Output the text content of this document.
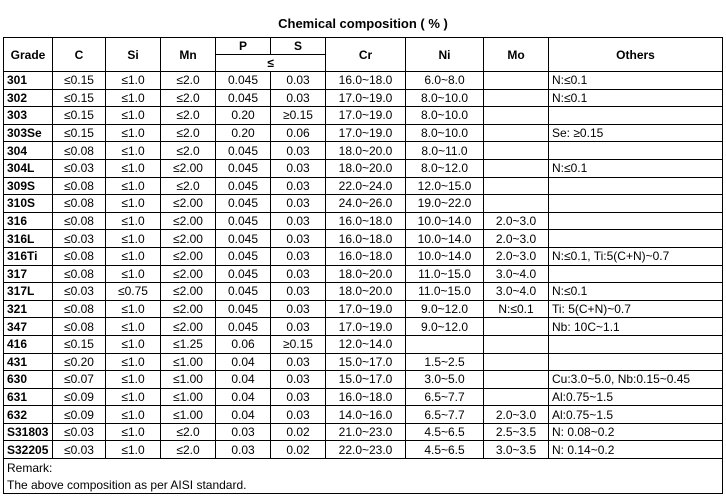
Chemical composition ( % )
Grade	C	Si	Mn	P	S	Cr	Ni	Mo	Others
				≤					
301	≤0.15	≤1.0	≤2.0	0.045	0.03	16.0~18.0	6.0~8.0		N:≤0.1
302	≤0.15	≤1.0	≤2.0	0.045	0.03	17.0~19.0	8.0~10.0		N:≤0.1
303	≤0.15	≤1.0	≤2.0	0.20	≥0.15	17.0~19.0	8.0~10.0		
303Se	≤0.15	≤1.0	≤2.0	0.20	0.06	17.0~19.0	8.0~10.0		Se: ≥0.15
304	≤0.08	≤1.0	≤2.0	0.045	0.03	18.0~20.0	8.0~11.0		
304L	≤0.03	≤1.0	≤2.00	0.045	0.03	18.0~20.0	8.0~12.0		N:≤0.1
309S	≤0.08	≤1.0	≤2.0	0.045	0.03	22.0~24.0	12.0~15.0		
310S	≤0.08	≤1.0	≤2.00	0.045	0.03	24.0~26.0	19.0~22.0		
316	≤0.08	≤1.0	≤2.00	0.045	0.03	16.0~18.0	10.0~14.0	2.0~3.0	
316L	≤0.03	≤1.0	≤2.00	0.045	0.03	16.0~18.0	10.0~14.0	2.0~3.0	
316Ti	≤0.08	≤1.0	≤2.00	0.045	0.03	16.0~18.0	10.0~14.0	2.0~3.0	N:≤0.1, Ti:5(C+N)~0.7
317	≤0.08	≤1.0	≤2.00	0.045	0.03	18.0~20.0	11.0~15.0	3.0~4.0	
317L	≤0.03	≤0.75	≤2.00	0.045	0.03	18.0~20.0	11.0~15.0	3.0~4.0	N:≤0.1
321	≤0.08	≤1.0	≤2.00	0.045	0.03	17.0~19.0	9.0~12.0	N:≤0.1	Ti: 5(C+N)~0.7
347	≤0.08	≤1.0	≤2.00	0.045	0.03	17.0~19.0	9.0~12.0		Nb: 10C~1.1
416	≤0.15	≤1.0	≤1.25	0.06	≥0.15	12.0~14.0			
431	≤0.20	≤1.0	≤1.00	0.04	0.03	15.0~17.0	1.5~2.5		
630	≤0.07	≤1.0	≤1.00	0.04	0.03	15.0~17.0	3.0~5.0		Cu:3.0~5.0, Nb:0.15~0.45
631	≤0.09	≤1.0	≤1.00	0.04	0.03	16.0~18.0	6.5~7.7		Al:0.75~1.5
632	≤0.09	≤1.0	≤1.00	0.04	0.03	14.0~16.0	6.5~7.7	2.0~3.0	Al:0.75~1.5
S31803	≤0.03	≤1.0	≤2.0	0.03	0.02	21.0~23.0	4.5~6.5	2.5~3.5	N: 0.08~0.2
S32205	≤0.03	≤1.0	≤2.0	0.03	0.02	22.0~23.0	4.5~6.5	3.0~3.5	N: 0.14~0.2
Remark:									
The above composition as per AISI standard.									
